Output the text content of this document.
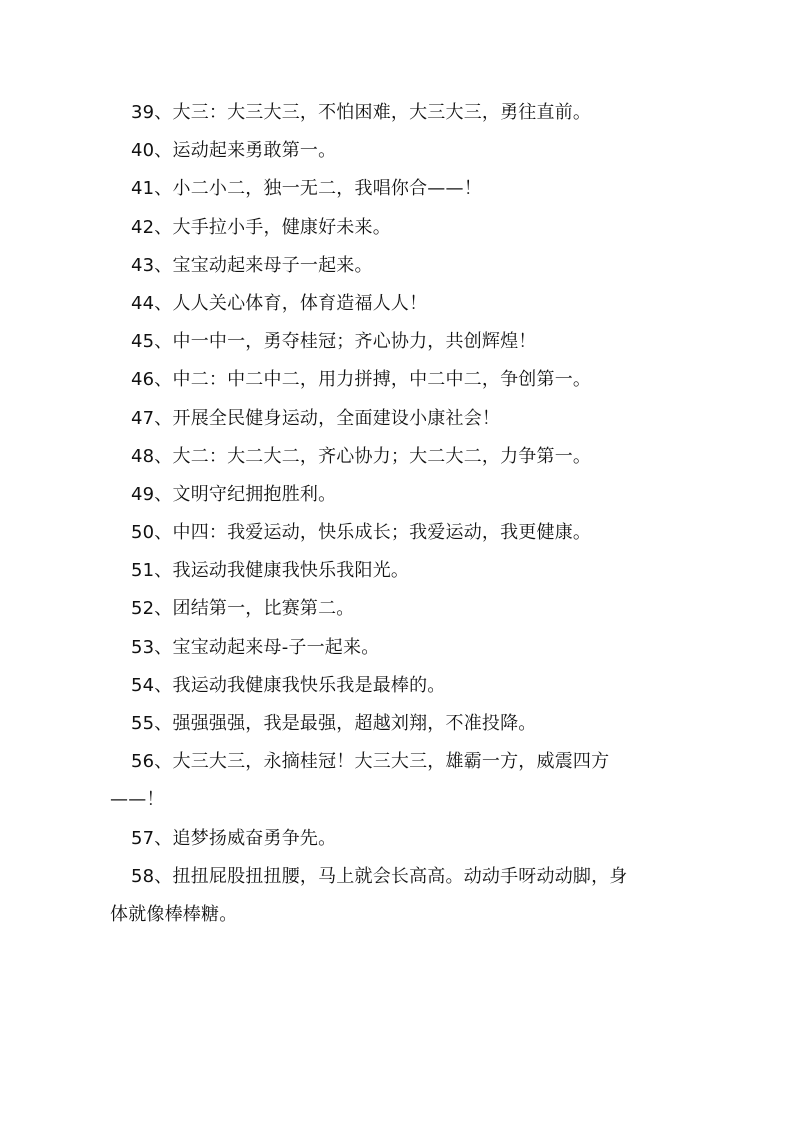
39、大三：大三大三，不怕困难，大三大三，勇往直前。
40、运动起来勇敢第一。
41、小二小二，独一无二，我唱你合——！
42、大手拉小手，健康好未来。
43、宝宝动起来母子一起来。
44、人人关心体育，体育造福人人！
45、中一中一，勇夺桂冠；齐心协力，共创辉煌！
46、中二：中二中二，用力拼搏，中二中二，争创第一。
47、开展全民健身运动，全面建设小康社会！
48、大二：大二大二，齐心协力；大二大二，力争第一。
49、文明守纪拥抱胜利。
50、中四：我爱运动，快乐成长；我爱运动，我更健康。
51、我运动我健康我快乐我阳光。
52、团结第一，比赛第二。
53、宝宝动起来母-子一起来。
54、我运动我健康我快乐我是最棒的。
55、强强强强，我是最强，超越刘翔，不准投降。
56、大三大三，永摘桂冠！大三大三，雄霸一方，威震四方
——！
57、追梦扬威奋勇争先。
58、扭扭屁股扭扭腰，马上就会长高高。动动手呀动动脚，身
体就像棒棒糖。
